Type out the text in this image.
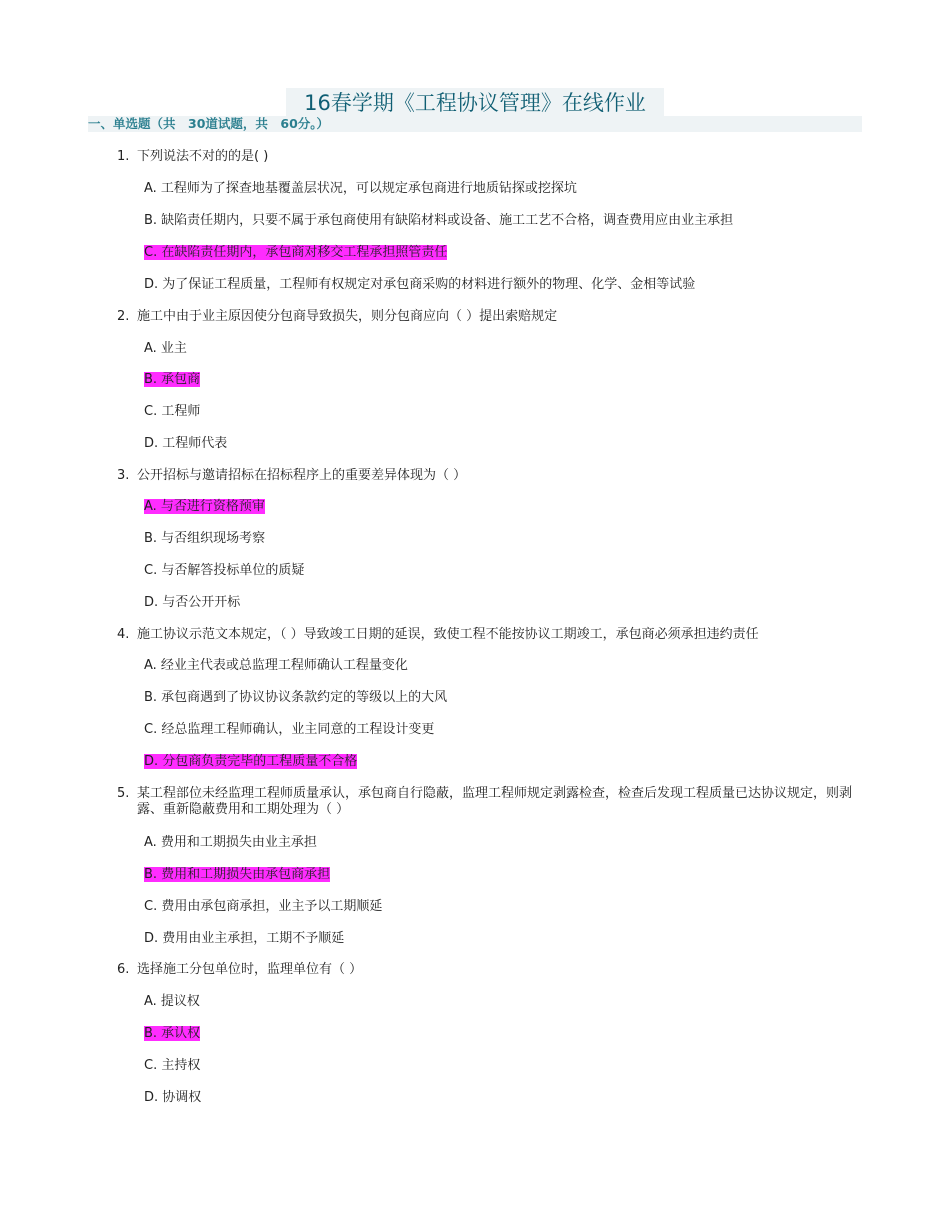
16春学期《工程协议管理》在线作业
一、单选题（共　30道试题，共　60分。）
1. 下列说法不对的的是( )
A. 工程师为了探查地基覆盖层状况，可以规定承包商进行地质钻探或挖探坑
B. 缺陷责任期内，只要不属于承包商使用有缺陷材料或设备、施工工艺不合格，调查费用应由业主承担
C. 在缺陷责任期内，承包商对移交工程承担照管责任
D. 为了保证工程质量，工程师有权规定对承包商采购的材料进行额外的物理、化学、金相等试验
2. 施工中由于业主原因使分包商导致损失，则分包商应向（ ）提出索赔规定
A. 业主
B. 承包商
C. 工程师
D. 工程师代表
3. 公开招标与邀请招标在招标程序上的重要差异体现为（ ）
A. 与否进行资格预审
B. 与否组织现场考察
C. 与否解答投标单位的质疑
D. 与否公开开标
4. 施工协议示范文本规定，（ ）导致竣工日期的延误，致使工程不能按协议工期竣工，承包商必须承担违约责任
A. 经业主代表或总监理工程师确认工程量变化
B. 承包商遇到了协议协议条款约定的等级以上的大风
C. 经总监理工程师确认，业主同意的工程设计变更
D. 分包商负责完毕的工程质量不合格
5. 某工程部位未经监理工程师质量承认，承包商自行隐蔽，监理工程师规定剥露检查，检查后发现工程质量已达协议规定，则剥露、重新隐蔽费用和工期处理为（ ）
A. 费用和工期损失由业主承担
B. 费用和工期损失由承包商承担
C. 费用由承包商承担，业主予以工期顺延
D. 费用由业主承担，工期不予顺延
6. 选择施工分包单位时，监理单位有（ ）
A. 提议权
B. 承认权
C. 主持权
D. 协调权
